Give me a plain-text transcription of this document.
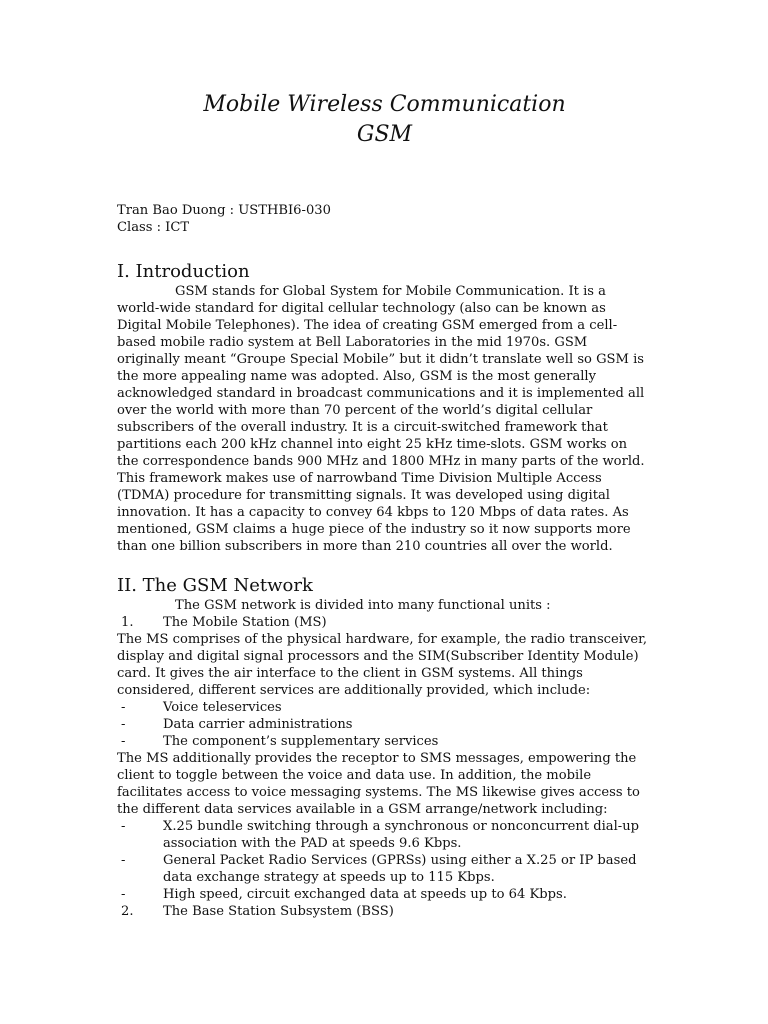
Mobile Wireless Communication
GSM
Tran Bao Duong : USTHBI6-030
Class : ICT
I. Introduction

GSM stands for Global System for Mobile Communication. It is a world-wide standard for digital cellular technology (also can be known as Digital Mobile Telephones). The idea of creating GSM emerged from a cell-based mobile radio system at Bell Laboratories in the mid 1970s. GSM originally meant “Groupe Special Mobile” but it didn’t translate well so GSM is the more appealing name was adopted. Also, GSM is the most generally acknowledged standard in broadcast communications and it is implemented all over the world with more than 70 percent of the world’s digital cellular subscribers of the overall industry. It is a circuit-switched framework that partitions each 200 kHz channel into eight 25 kHz time-slots. GSM works on the correspondence bands 900 MHz and 1800 MHz in many parts of the world. This framework makes use of narrowband Time Division Multiple Access (TDMA) procedure for transmitting signals. It was developed using digital innovation. It has a capacity to convey 64 kbps to 120 Mbps of data rates. As mentioned, GSM claims a huge piece of the industry so it now supports more than one billion subscribers in more than 210 countries all over the world.

II. The GSM Network

The GSM network is divided into many functional units :

1.	The Mobile Station (MS)

The MS comprises of the physical hardware, for example, the radio transceiver, display and digital signal processors and the SIM(Subscriber Identity Module) card. It gives the air interface to the client in GSM systems. All things considered, different services are additionally provided, which include:

-	Voice teleservices
-	Data carrier administrations
-	The component’s supplementary services

The MS additionally provides the receptor to SMS messages, empowering the client to toggle between the voice and data use. In addition, the mobile facilitates access to voice messaging systems. The MS likewise gives access to the different data services available in a GSM arrange/network including:

-	X.25 bundle switching through a synchronous or nonconcurrent dial-up association with the PAD at speeds 9.6 Kbps.
-	General Packet Radio Services (GPRSs) using either a X.25 or IP based data exchange strategy at speeds up to 115 Kbps.
-	High speed, circuit exchanged data at speeds up to 64 Kbps.
2.	The Base Station Subsystem (BSS)
